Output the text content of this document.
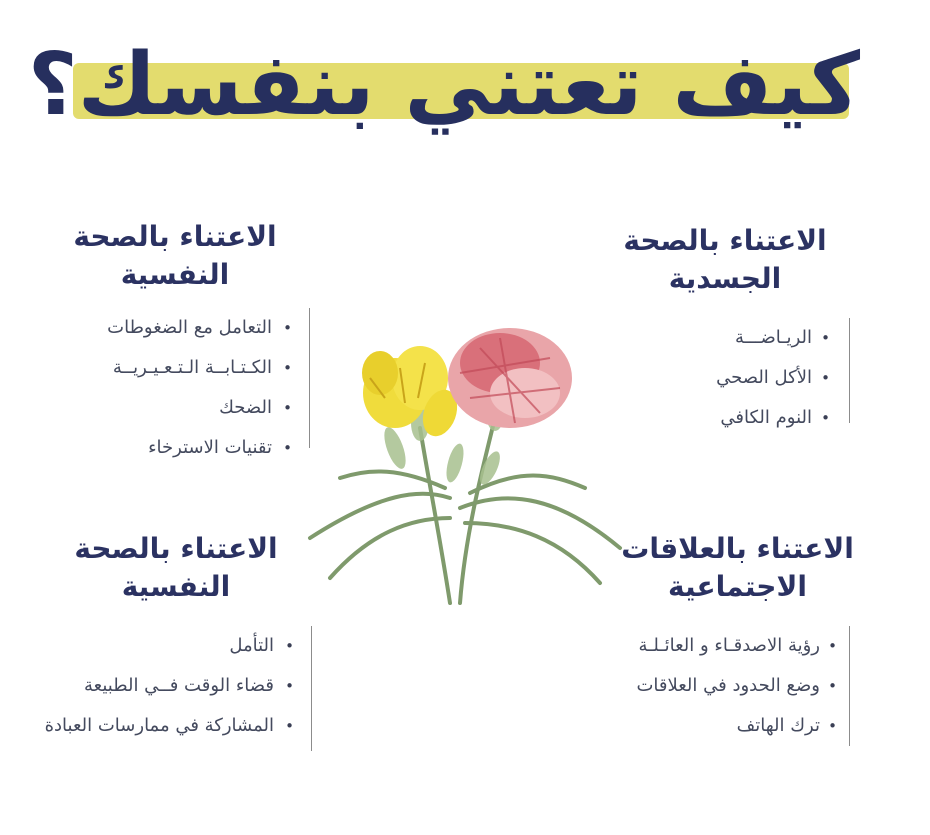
كيف تعتني بنفسك؟
الاعتناء بالصحة
الجسدية
•
الريـاضـــة
•
الأكل الصحي
•
النوم الكافي
الاعتناء بالصحة
النفسية
•
التعامل مع الضغوطات
•
الكـتـابــة الـتـعـيـريــة
•
الضحك
•
تقنيات الاسترخاء
الاعتناء بالعلاقات
الاجتماعية
•
رؤية الاصدقـاء و العائـلـة
•
وضع الحدود في العلاقات
•
ترك الهاتف
الاعتناء بالصحة
النفسية
•
التأمل
•
قضاء الوقت فــي الطبيعة
•
المشاركة في ممارسات العبادة
